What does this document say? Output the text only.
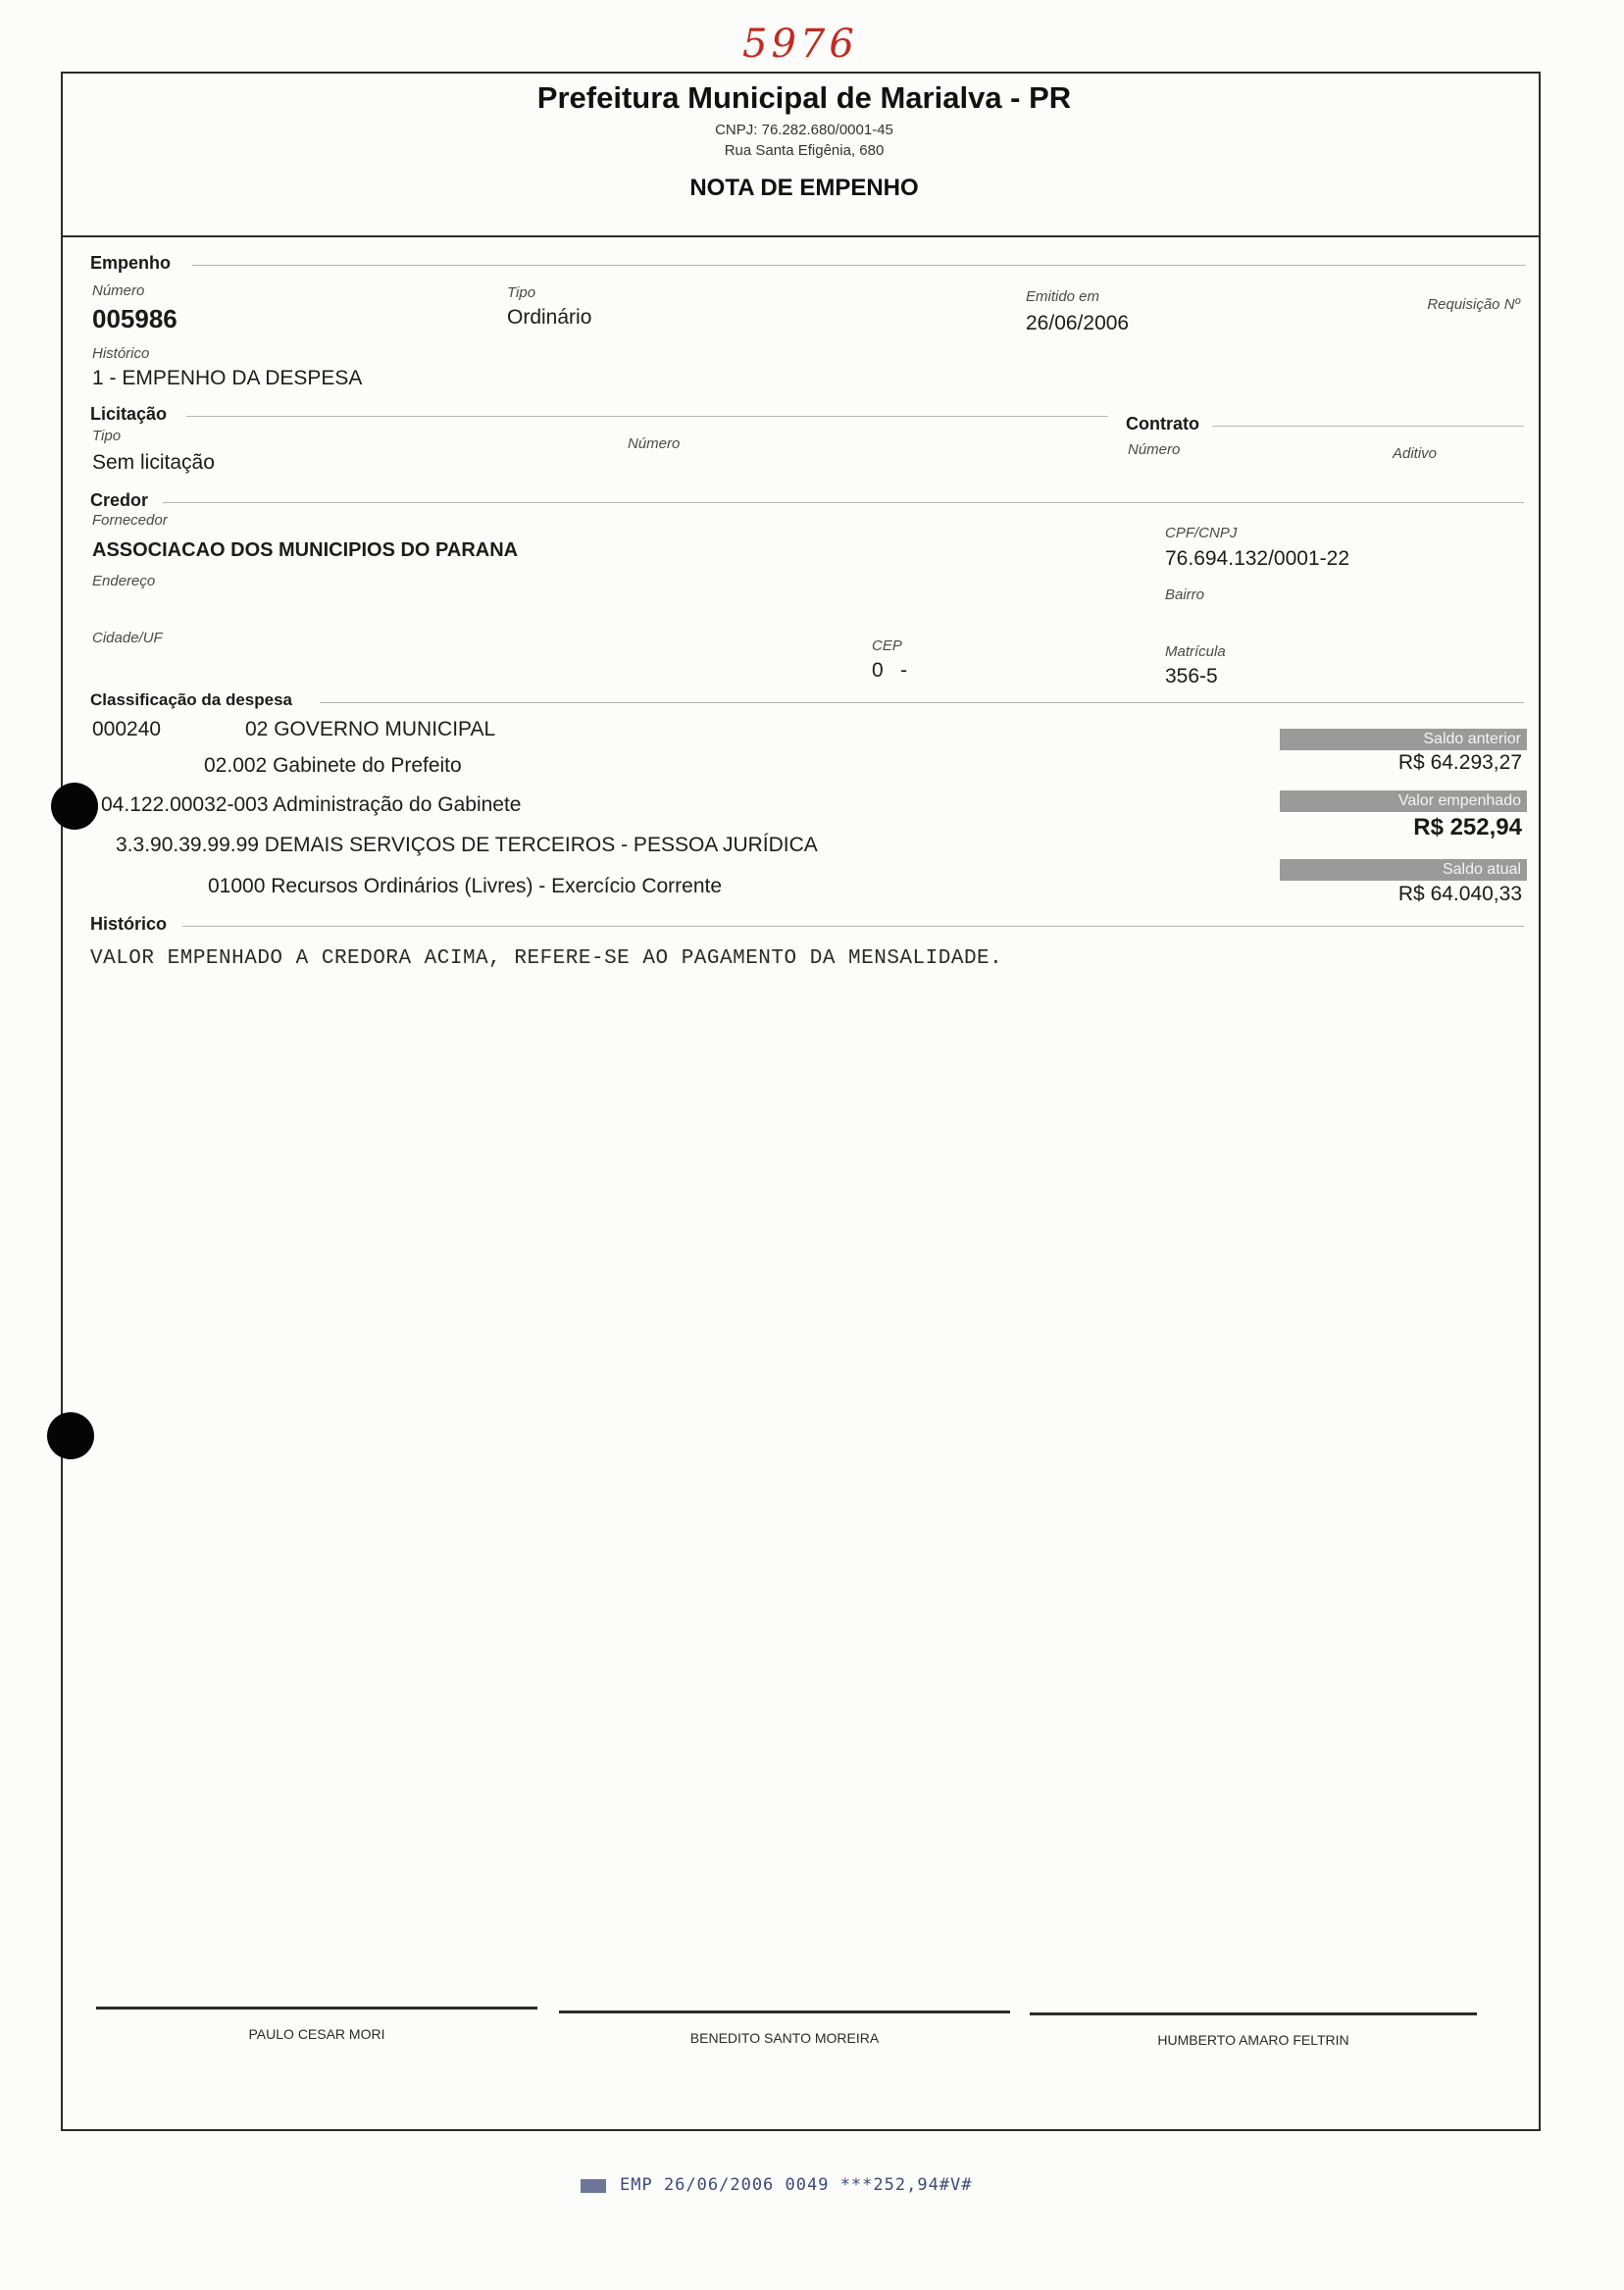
5976
Prefeitura Municipal de Marialva - PR
CNPJ: 76.282.680/0001-45
Rua Santa Efigênia, 680
NOTA DE EMPENHO
Empenho
Número
005986
Tipo
Ordinário
Emitido em
26/06/2006
Requisição Nº
Histórico
1 - EMPENHO DA DESPESA
Licitação
Tipo
Sem licitação
Número
Contrato
Número	Aditivo
Credor
Fornecedor
ASSOCIACAO DOS MUNICIPIOS DO PARANA
CPF/CNPJ
76.694.132/0001-22
Endereço
Bairro
Cidade/UF	CEP
0   -
Matrícula
356-5
Classificação da despesa
000240	02 GOVERNO MUNICIPAL
02.002 Gabinete do Prefeito
04.122.00032-003 Administração do Gabinete
3.3.90.39.99.99 DEMAIS SERVIÇOS DE TERCEIROS - PESSOA JURÍDICA
01000 Recursos Ordinários (Livres) - Exercício Corrente
Saldo anterior
R$ 64.293,27
Valor empenhado
R$ 252,94
Saldo atual
R$ 64.040,33
Histórico
VALOR EMPENHADO A CREDORA ACIMA, REFERE-SE AO PAGAMENTO DA MENSALIDADE.
PAULO CESAR MORI	BENEDITO SANTO MOREIRA	HUMBERTO AMARO FELTRIN
EMP 26/06/2006 0049 ***252,94#V#
